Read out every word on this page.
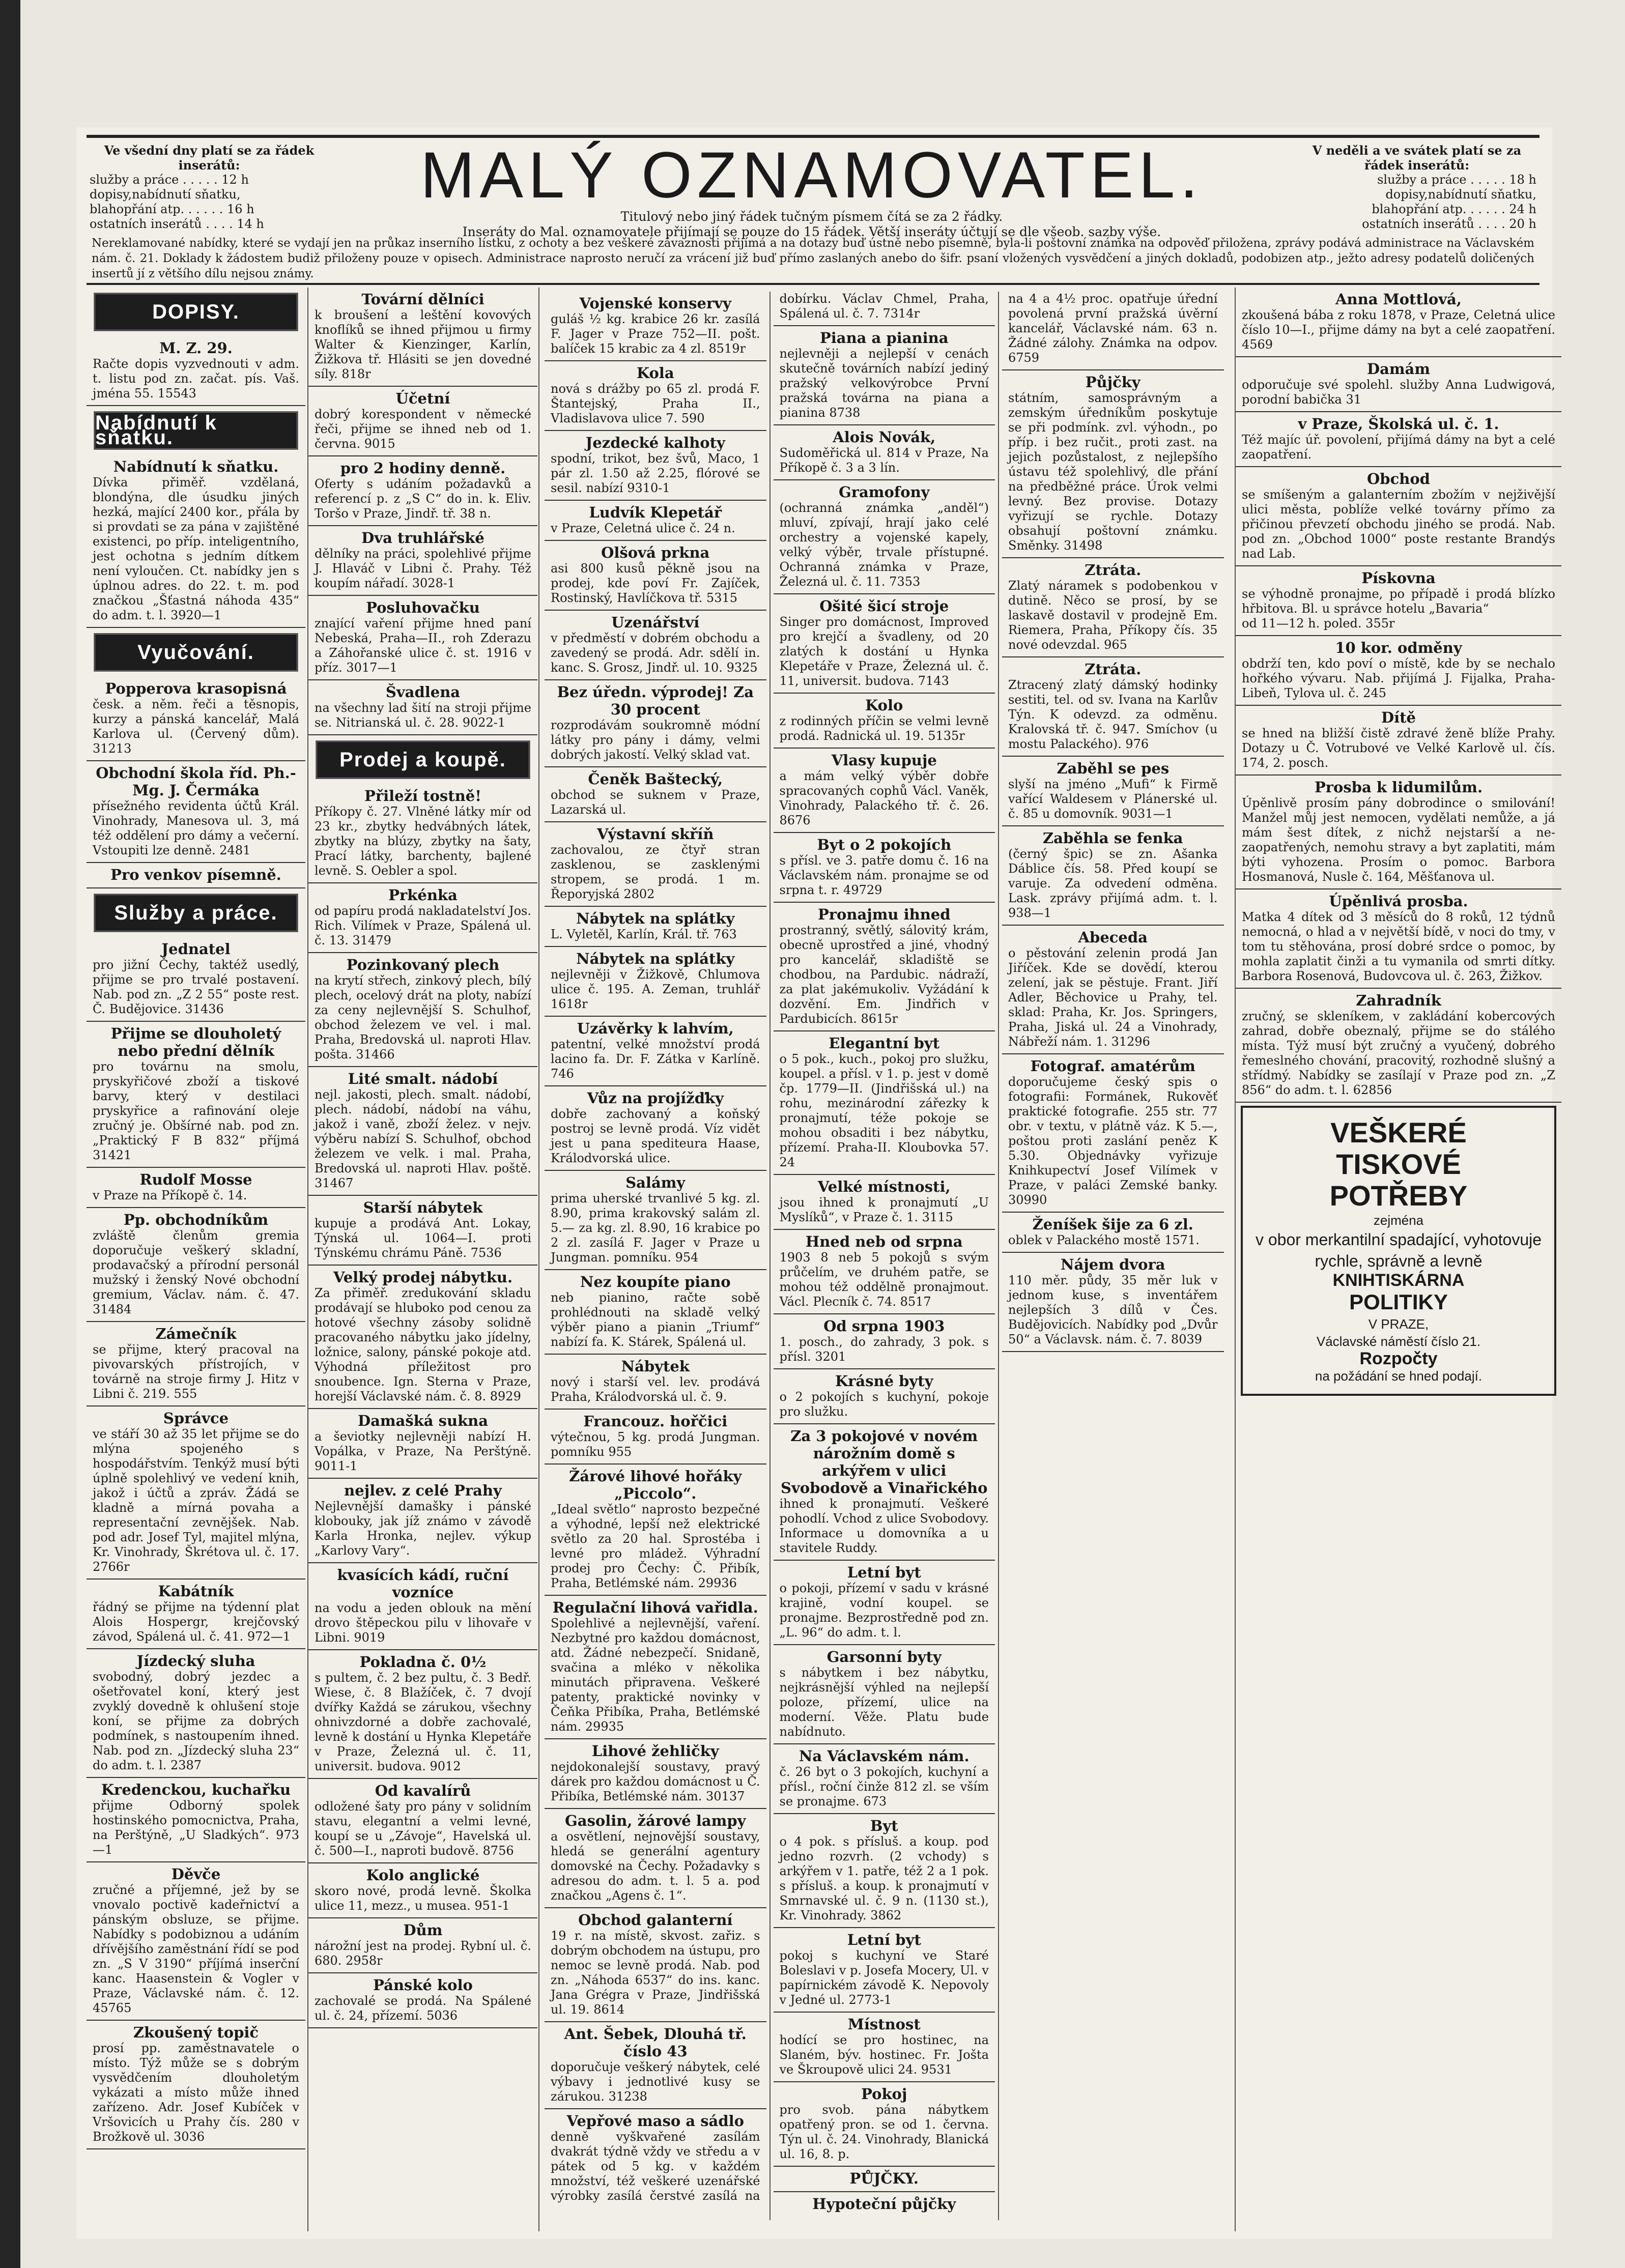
Ve všední dny platí se za řádek inserátů:
služby a práce . . . . . 12 h
dopisy,nabídnutí sňatku,
blahopřání atp. . . . . . 16 h
ostatních inserátů . . . . 14 h
MALÝ OZNAMOVATEL.
Titulový nebo jiný řádek tučným písmem čítá se za 2 řádky.
Inseráty do Mal. oznamovatele přijímají se pouze do 15 řádek. Větší inseráty účtují se dle všeob. sazby výše.
V neděli a ve svátek platí se za řádek inserátů:
služby a práce . . . . . 18 h
dopisy,nabídnutí sňatku,
blahopřání atp. . . . . . 24 h
ostatních inserátů . . . . 20 h
Nereklamované nabídky, které se vydají jen na průkaz inserního lístku, z ochoty a bez veškeré závaznosti přijímá a na dotazy buď ústně nebo písemně, byla-li poštovní známka na odpověď přiložena, zprávy podává administrace na Václavském nám. č. 21. Doklady k žádostem budiž přiloženy pouze v opisech. Administrace naprosto neručí za vrácení již buď přímo zaslaných anebo do šifr. psaní vložených vysvědčení a jiných dokladů, podobizen atp., ježto adresy podatelů doličených insertů jí z většího dílu nejsou známy.
DOPISY.
M. Z. 29.
Račte dopis vyzvednouti v adm. t. listu pod zn. začat. pís. Vaš. jména 55. 15543
Nabídnutí k sňatku.
Nabídnutí k sňatku.
Dívka přiměř. vzdělaná, blondýna, dle úsudku jiných hezká, mající 2400 kor., přála by si provdati se za pána v zajištěné existenci, po příp. inteligentního, jest ochotna s jedním dítkem není vyloučen. Ct. nabídky jen s úplnou adres. do 22. t. m. pod značkou „Šťastná náhoda 435“ do adm. t. l. 3920—1
Vyučování.
Popperova krasopisná
česk. a něm. řeči a těsnopis, kurzy a pánská kancelář, Malá Karlova ul. (Červený dům). 31213
Obchodní škola říd. Ph.-Mg. J. Čermáka
přísežného revidenta účtů Král. Vinohrady, Manesova ul. 3, má též oddělení pro dámy a večerní. Vstoupiti lze denně. 2481
Pro venkov písemně.
Služby a práce.
Jednatel
pro jižní Čechy, taktéž usedlý, přijme se pro trvalé postavení. Nab. pod zn. „Z 2 55“ poste rest. Č. Budějovice. 31436
Přijme se dlouholetý nebo přední dělník
pro továrnu na smolu, pryskyřičové zboží a tiskové barvy, který v destilaci pryskyřice a rafinování oleje zručný je. Obšírné nab. pod zn. „Praktický F B 832“ příjmá 31421
Rudolf Mosse
v Praze na Příkopě č. 14.
Pp. obchodníkům
zvláště členům gremia doporučuje veškerý skladní, prodavačský a přírodní personál mužský i ženský Nové obchodní gremium, Václav. nám. č. 47. 31484
Zámečník
se přijme, který pracoval na pivovarských přístrojích, v továrně na stroje firmy J. Hitz v Libni č. 219. 555
Správce
ve stáří 30 až 35 let přijme se do mlýna spojeného s hospodářstvím. Tenkýž musí býti úplně spolehlivý ve vedení knih, jakož i účtů a zpráv. Žádá se kladně a mírná povaha a representační zevnějšek. Nab. pod adr. Josef Tyl, majitel mlýna, Kr. Vinohrady, Škrétova ul. č. 17. 2766r
Kabátník
řádný se přijme na týdenní plat Alois Hospergr, krejčovský závod, Spálená ul. č. 41. 972—1
Jízdecký sluha
svobodný, dobrý jezdec a ošetřovatel koní, který jest zvyklý dovedně k ohlušení stoje koní, se přijme za dobrých podmínek, s nastoupením ihned. Nab. pod zn. „Jízdecký sluha 23“ do adm. t. l. 2387
Kredenckou, kuchařku
přijme Odborný spolek hostinského pomocnictva, Praha, na Perštýně, „U Sladkých“. 973—1
Děvče
zručné a příjemné, jež by se vnovalo poctivě kadeřnictví a pánským obsluze, se přijme. Nabídky s podobiznou a udáním dřívějšího zaměstnání řídí se pod zn. „S V 3190“ příjímá inserční kanc. Haasenstein & Vogler v Praze, Václavské nám. č. 12. 45765
Zkoušený topič
prosí pp. zaměstnavatele o místo. Týž může se s dobrým vysvědčením dlouholetým vykázati a místo může ihned zařízeno. Adr. Josef Kubíček v Vršovicích u Prahy čís. 280 v Brožkově ul. 3036
Tovární dělníci
k broušení a leštění kovových knoflíků se ihned přijmou u firmy Walter & Kienzinger, Karlín, Žižkova tř. Hlásiti se jen dovedné síly. 818r
Účetní
dobrý korespondent v německé řeči, přijme se ihned neb od 1. června. 9015
pro 2 hodiny denně.
Oferty s udáním požadavků a referencí p. z „S C“ do in. k. Eliv. Toršo v Praze, Jindř. tř. 38 n.
Dva truhlářské
dělníky na práci, spolehlivé přijme J. Hlaváč v Libni č. Prahy. Též koupím nářadí. 3028-1
Posluhovačku
znající vaření přijme hned paní Nebeská, Praha—II., roh Zderazu a Záhořanské ulice č. st. 1916 v příz. 3017—1
Švadlena
na všechny lad šití na stroji přijme se. Nitrianská ul. č. 28. 9022-1
Prodej a koupě.
Přileží tostně!
Příkopy č. 27. Vlněné látky mír od 23 kr., zbytky hedvábných látek, zbytky na blúzy, zbytky na šaty, Prací látky, barchenty, bajlené levně. S. Oebler a spol.
Prkénka
od papíru prodá nakladatelství Jos. Rich. Vilímek v Praze, Spálená ul. č. 13. 31479
Pozinkovaný plech
na krytí střech, zinkový plech, bílý plech, ocelový drát na ploty, nabízí za ceny nejlevnější S. Schulhof, obchod železem ve vel. i mal. Praha, Bredovská ul. naproti Hlav. pošta. 31466
Lité smalt. nádobí
nejl. jakosti, plech. smalt. nádobí, plech. nádobí, nádobí na váhu, jakož i vaně, zboží želez. v nejv. výběru nabízí S. Schulhof, obchod železem ve velk. i mal. Praha, Bredovská ul. naproti Hlav. poště. 31467
Starší nábytek
kupuje a prodává Ant. Lokay, Týnská ul. 1064—I. proti Týnskému chrámu Páně. 7536
Velký prodej nábytku.
Za přiměř. zredukování skladu prodávají se hluboko pod cenou za hotové všechny zásoby solidně pracovaného nábytku jako jídelny, ložnice, salony, pánské pokoje atd. Výhodná příležitost pro snoubence. Ign. Sterna v Praze, horejší Václavské nám. č. 8. 8929
Damašká sukna
a ševiotky nejlevněji nabízí H. Vopálka, v Praze, Na Perštýně. 9011-1
nejlev. z celé Prahy
Nejlevnější damašky i pánské klobouky, jak jíž známo v závodě Karla Hronka, nejlev. výkup „Karlovy Vary“.
kvasících kádí, ruční vozníce
na vodu a jeden oblouk na mění drovo štěpeckou pilu v lihovaře v Libni. 9019
Pokladna č. 0½
s pultem, č. 2 bez pultu, č. 3 Bedř. Wiese, č. 8 Blažíček, č. 7 dvojí dvířky Každá se zárukou, všechny ohnivzdorné a dobře zachovalé, levně k dostání u Hynka Klepetáře v Praze, Železná ul. č. 11, universit. budova. 9012
Od kavalírů
odložené šaty pro pány v solidním stavu, elegantní a velmi levné, koupí se u „Závoje“, Havelská ul. č. 500—I., naproti budově. 8756
Kolo anglické
skoro nové, prodá levně. Školka ulice 11, mezz., u musea. 951-1
Dům
nárožní jest na prodej. Rybní ul. č. 680. 2958r
Pánské kolo
zachovalé se prodá. Na Spálené ul. č. 24, přízemí. 5036
Vojenské konservy
guláš ½ kg. krabice 26 kr. zasílá F. Jager v Praze 752—II. pošt. balíček 15 krabic za 4 zl. 8519r
Kola
nová s drážby po 65 zl. prodá F. Štantejský, Praha II., Vladislavova ulice 7. 590
Jezdecké kalhoty
spodní, trikot, bez švů, Maco, 1 pár zl. 1.50 až 2.25, flórové se sesil. nabízí 9310-1
Ludvík Klepetář
v Praze, Celetná ulice č. 24 n.
Olšová prkna
asi 800 kusů pěkně jsou na prodej, kde poví Fr. Zajíček, Rostinský, Havlíčkova tř. 5315
Uzenářství
v předměstí v dobrém obchodu a zavedený se prodá. Adr. sdělí in. kanc. S. Grosz, Jindř. ul. 10. 9325
Bez úředn. výprodej! Za 30 procent
rozprodávám soukromně módní látky pro pány i dámy, velmi dobrých jakostí. Velký sklad vat.
Čeněk Baštecký,
obchod se suknem v Praze, Lazarská ul.
Výstavní skříň
zachovalou, ze čtyř stran zasklenou, se zasklenými stropem, se prodá. 1 m. Řeporyjská 2802
Nábytek na splátky
L. Vyletěl, Karlín, Král. tř. 763
Nábytek na splátky
nejlevněji v Žižkově, Chlumova ulice č. 195. A. Zeman, truhlář 1618r
Uzávěrky k lahvím,
patentní, velké množství prodá lacino fa. Dr. F. Zátka v Karlíně. 746
Vůz na projížďky
dobře zachovaný a koňský postroj se levně prodá. Víz vidět jest u pana spediteura Haase, Králodvorská ulice.
Salámy
prima uherské trvanlivé 5 kg. zl. 8.90, prima krakovský salám zl. 5.— za kg. zl. 8.90, 16 krabice po 2 zl. zasílá F. Jager v Praze u Jungman. pomníku. 954
Nez koupíte piano
neb pianino, račte sobě prohlédnouti na skladě velký výběr piano a pianin „Triumf“ nabízí fa. K. Stárek, Spálená ul.
Nábytek
nový i starší vel. lev. prodává Praha, Králodvorská ul. č. 9.
Francouz. hořčici
výtečnou, 5 kg. prodá Jungman. pomníku 955
Žárové lihové hořáky „Piccolo“.
„Ideal světlo“ naprosto bezpečné a výhodné, lepší než elektrické světlo za 20 hal. Sprostéba i levné pro mládež. Výhradní prodej pro Čechy: Č. Přibík, Praha, Betlémské nám. 29936
Regulační lihová vařidla.
Spolehlivé a nejlevnější, vaření. Nezbytné pro každou domácnost, atd. Žádné nebezpečí. Snidaně, svačina a mléko v několika minutách připravena. Veškeré patenty, praktické novinky v Čeňka Přibíka, Praha, Betlémské nám. 29935
Lihové žehličky
nejdokonalejší soustavy, pravý dárek pro každou domácnost u Č. Přibíka, Betlémské nám. 30137
Gasolin, žárové lampy
a osvětlení, nejnovější soustavy, hledá se generální agentury domovské na Čechy. Požadavky s adresou do adm. t. l. 5 a. pod značkou „Agens č. 1“.
Obchod galanterní
19 r. na místě, skvost. zařiz. s dobrým obchodem na ústupu, pro nemoc se levně prodá. Nab. pod zn. „Náhoda 6537“ do ins. kanc. Jana Grégra v Praze, Jindřišská ul. 19. 8614
Ant. Šebek, Dlouhá tř. číslo 43
doporučuje veškerý nábytek, celé výbavy i jednotlivé kusy se zárukou. 31238
Vepřové maso a sádlo
denně vyškvařené zasílám dvakrát týdně vždy ve středu a v pátek od 5 kg. v každém množství, též veškeré uzenářské výrobky zasílá čerstvé zasílá na dobírku. Václav Chmel, Praha, Spálená ul. č. 7. 7314r
Piana a pianina
nejlevněji a nejlepší v cenách skutečně továrních nabízí jediný pražský velkovýrobce První pražská továrna na piana a pianina 8738
Alois Novák,
Sudoměřická ul. 814 v Praze, Na Příkopě č. 3 a 3 lín.
Gramofony
(ochranná známka „anděl“) mluví, zpívají, hrají jako celé orchestry a vojenské kapely, velký výběr, trvale přístupné. Ochranná známka v Praze, Železná ul. č. 11. 7353
Ošité šicí stroje
Singer pro domácnost, Improved pro krejčí a švadleny, od 20 zlatých k dostání u Hynka Klepetáře v Praze, Železná ul. č. 11, universit. budova. 7143
Kolo
z rodinných příčin se velmi levně prodá. Radnická ul. 19. 5135r
Vlasy kupuje
a mám velký výběr dobře spracovaných cophů Václ. Vaněk, Vinohrady, Palackého tř. č. 26. 8676
Byt o 2 pokojích
s přísl. ve 3. patře domu č. 16 na Václavském nám. pronajme se od srpna t. r. 49729
Pronajmu ihned
prostranný, světlý, sálovitý krám, obecně uprostřed a jiné, vhodný pro kancelář, skladiště se chodbou, na Pardubic. nádraží, za plat jakémukoliv. Vyžádání k dozvění. Em. Jindřich v Pardubicích. 8615r
Elegantní byt
o 5 pok., kuch., pokoj pro služku, koupel. a přísl. v 1. p. jest v domě čp. 1779—II. (Jindřišská ul.) na rohu, mezinárodní zářezky k pronajmutí, téže pokoje se mohou obsaditi i bez nábytku, přízemí. Praha-II. Kloubovka 57. 24
Velké místnosti,
jsou ihned k pronajmutí „U Myslíků“, v Praze č. 1. 3115
Hned neb od srpna
1903 8 neb 5 pokojů s svým průčelím, ve druhém patře, se mohou též oddělně pronajmout. Václ. Plecník č. 74. 8517
Od srpna 1903
1. posch., do zahrady, 3 pok. s přísl. 3201
Krásné byty
o 2 pokojích s kuchyní, pokoje pro služku.
Za 3 pokojové v novém nárožním domě s arkýřem v ulici Svobodově a Vinařického
ihned k pronajmutí. Veškeré pohodlí. Vchod z ulice Svobodovy. Informace u domovníka a u stavitele Ruddy.
Letní byt
o pokoji, přízemí v sadu v krásné krajině, vodní koupel. se pronajme. Bezprostředně pod zn. „L. 96“ do adm. t. l.
Garsonní byty
s nábytkem i bez nábytku, nejkrásnější výhled na nejlepší poloze, přízemí, ulice na moderní. Věže. Platu bude nabídnuto.
Na Václavském nám.
č. 26 byt o 3 pokojích, kuchyní a přísl., roční činže 812 zl. se vším se pronajme. 673
Byt
o 4 pok. s přísluš. a koup. pod jedno rozvrh. (2 vchody) s arkýřem v 1. patře, též 2 a 1 pok. s přísluš. a koup. k pronajmutí v Smrnavské ul. č. 9 n. (1130 st.), Kr. Vinohrady. 3862
Letní byt
pokoj s kuchyní ve Staré Boleslavi v p. Josefa Mocery, Ul. v papírnickém závodě K. Nepovoly v Jedné ul. 2773-1
Místnost
hodící se pro hostinec, na Slaném, býv. hostinec. Fr. Jošta ve Škroupově ulici 24. 9531
Pokoj
pro svob. pána nábytkem opatřený pron. se od 1. června. Týn ul. č. 24. Vinohrady, Blanická ul. 16, 8. p.
PŮJČKY.
Hypoteční půjčky
na 4 a 4½ proc. opatřuje úřední povolená první pražská úvěrní kancelář, Václavské nám. 63 n. Žádné zálohy. Známka na odpov. 6759
Půjčky
státním, samosprávným a zemským úředníkům poskytuje se při podmínk. zvl. výhodn., po příp. i bez ručit., proti zast. na jejich pozůstalost, z nejlepšího ústavu též spolehlivý, dle přání na předběžné práce. Úrok velmi levný. Bez provise. Dotazy vyřizují se rychle. Dotazy obsahují poštovní známku. Směnky. 31498
Ztráta.
Zlatý náramek s podobenkou v dutině. Něco se prosí, by se laskavě dostavil v prodejně Em. Riemera, Praha, Příkopy čís. 35 nové odevzdal. 965
Ztráta.
Ztracený zlatý dámský hodinky sestiti, tel. od sv. Ivana na Karlův Týn. K odevzd. za odměnu. Kralovská tř. č. 947. Smíchov (u mostu Palackého). 976
Zaběhl se pes
slyší na jméno „Mufi“ k Firmě vařící Waldesem v Plánerské ul. č. 85 u domovník. 9031—1
Zaběhla se fenka
(černý špic) se zn. Ašanka Dáblice čís. 58. Před koupí se varuje. Za odvedení odměna. Lask. zprávy přijímá adm. t. l. 938—1
Abeceda
o pěstování zelenin prodá Jan Jiříček. Kde se dovědí, kterou zelení, jak se pěstuje. Frant. Jiří Adler, Běchovice u Prahy, tel. sklad: Praha, Kr. Jos. Springers, Praha, Jiská ul. 24 a Vinohrady, Nábřeží nám. 1. 31296
Fotograf. amatérům
doporučujeme český spis o fotografii: Formánek, Rukověť praktické fotografie. 255 str. 77 obr. v textu, v plátně váz. K 5.—, poštou proti zaslání peněz K 5.30. Objednávky vyřizuje Knihkupectví Josef Vilímek v Praze, v paláci Zemské banky. 30990
Ženíšek šije za 6 zl.
oblek v Palackého mostě 1571.
Nájem dvora
110 měr. půdy, 35 měr luk v jednom kuse, s inventářem nejlepších 3 dílů v Čes. Budějovicích. Nabídky pod „Dvůr 50“ a Václavsk. nám. č. 7. 8039
Anna Mottlová,
zkoušená bába z roku 1878, v Praze, Celetná ulice číslo 10—I., přijme dámy na byt a celé zaopatření. 4569
Damám
odporučuje své spolehl. služby Anna Ludwigová, porodní babička 31
v Praze, Školská ul. č. 1.
Též majíc úř. povolení, přijímá dámy na byt a celé zaopatření.
Obchod
se smíšeným a galanterním zbožím v nejživější ulici města, poblíže velké továrny přímo za přičinou převzetí obchodu jiného se prodá. Nab. pod zn. „Obchod 1000“ poste restante Brandýs nad Lab.
Pískovna
se výhodně pronajme, po případě i prodá blízko hřbitova. Bl. u správce hotelu „Bavaria“
od 11—12 h. poled. 355r
10 kor. odměny
obdrží ten, kdo poví o místě, kde by se nechalo hořkého vývaru. Nab. přijímá J. Fijalka, Praha-Libeň, Tylova ul. č. 245
Dítě
se hned na bližší čistě zdravé ženě blíže Prahy. Dotazy u Č. Votrubové ve Velké Karlově ul. čís. 174, 2. posch.
Prosba k lidumilům.
Úpěnlivě prosím pány dobrodince o smilování! Manžel můj jest nemocen, vydělati nemůže, a já mám šest dítek, z nichž nejstarší a ne-zaopatřených, nemohu stravy a byt zaplatiti, mám býti vyhozena. Prosím o pomoc. Barbora Hosmanová, Nusle č. 164, Měšťanova ul.
Úpěnlivá prosba.
Matka 4 dítek od 3 měsíců do 8 roků, 12 týdnů nemocná, o hlad a v největší bídě, v noci do tmy, v tom tu stěhována, prosí dobré srdce o pomoc, by mohla zaplatit činži a tu vymanila od smrti dítky. Barbora Rosenová, Budovcova ul. č. 263, Žižkov.
Zahradník
zručný, se skleníkem, v zakládání kobercových zahrad, dobře obeznalý, přijme se do stálého místa. Týž musí být zručný a vyučený, dobrého řemeslného chování, pracovitý, rozhodně slušný a střídmý. Nabídky se zasílají v Praze pod zn. „Z 856“ do adm. t. l. 62856
VEŠKERÉ
TISKOVÉ
POTŘEBY
zejména
v obor merkantilní spadající, vyhotovuje rychle, správně a levně
KNIHTISKÁRNA
POLITIKY
V PRAZE,
Václavské náměstí číslo 21.
Rozpočty
na požádání se hned podají.
